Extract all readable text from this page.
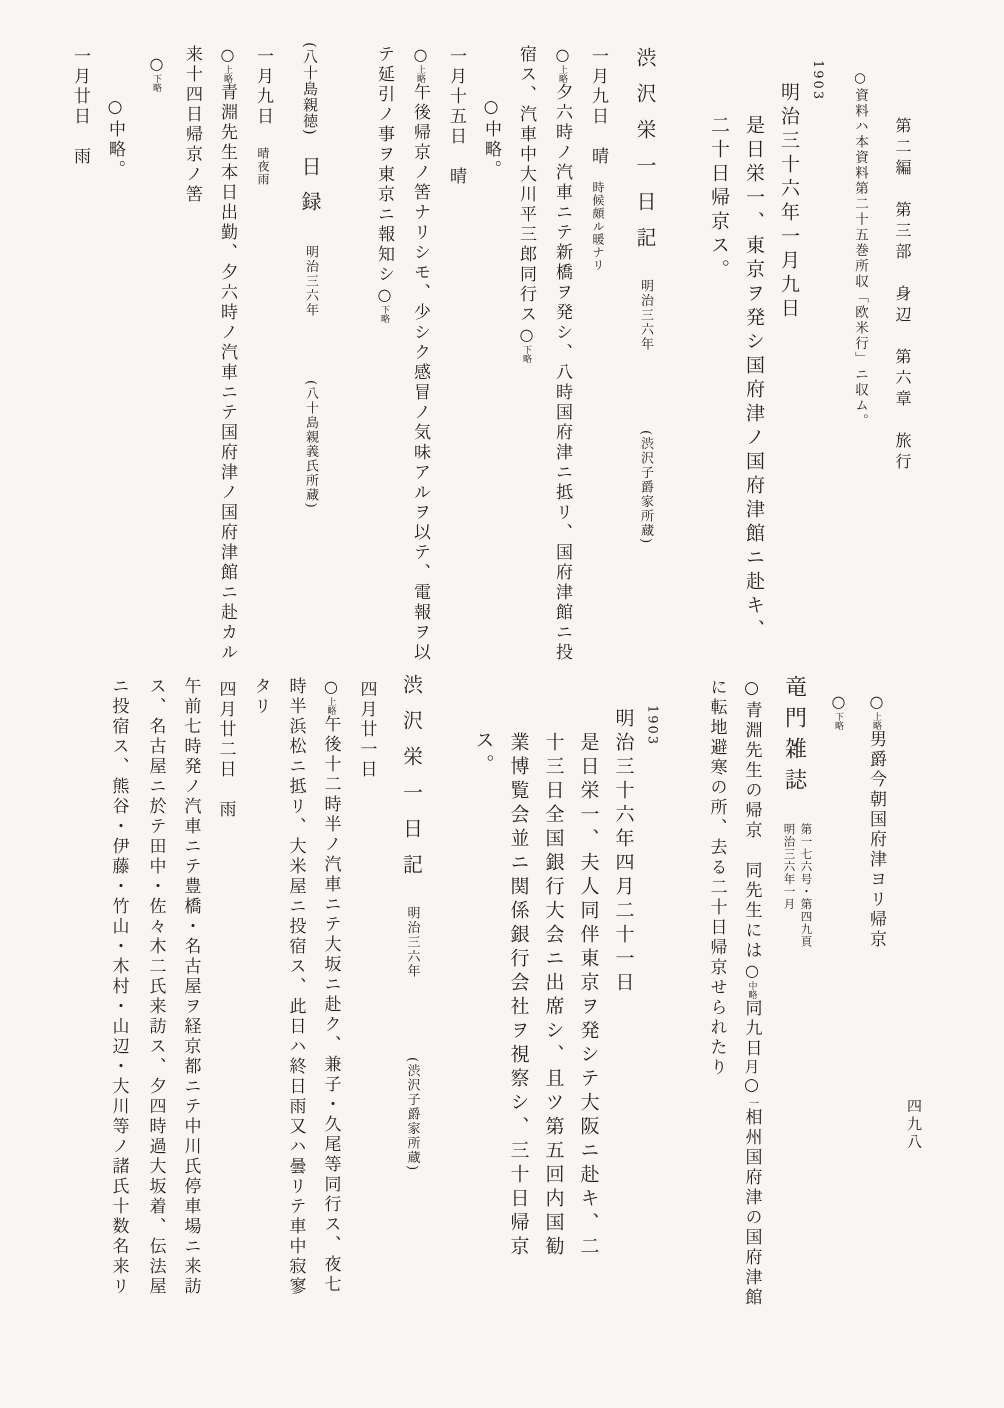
第二編　第三部　身辺　第六章　旅行
○資料ハ本資料第二十五巻所収「欧米行」ニ収ム。
1903
明治三十六年一月九日
是日栄一、東京ヲ発シ国府津ノ国府津館ニ赴キ、
二十日帰京ス。
渋沢栄一日記 明治三六年 (渋沢子爵家所蔵)
一月九日　晴 時候頗ル暖ナリ
○上略夕六時ノ汽車ニテ新橋ヲ発シ、八時国府津ニ抵リ、国府津館ニ投
宿ス、汽車中大川平三郎同行ス○下略
○中略。
一月十五日　晴
○上略午後帰京ノ筈ナリシモ、少シク感冒ノ気味アルヲ以テ、電報ヲ以
テ延引ノ事ヲ東京ニ報知シ○下略
(八十島親徳) 日録 明治三六年 (八十島親義氏所蔵)
一月九日　晴夜雨
○上略青淵先生本日出勤、夕六時ノ汽車ニテ国府津ノ国府津館ニ赴カル
来十四日帰京ノ筈
○下略
○中略。
一月廿日　雨
○上略男爵今朝国府津ヨリ帰京
○下略
竜門雑誌
第一七六号・第四九頁
明治三六年一月
○青淵先生の帰京　同先生には○中略同九日月○一相州国府津の国府津館
に転地避寒の所、去る二十日帰京せられたり
1903
明治三十六年四月二十一日
是日栄一、夫人同伴東京ヲ発シテ大阪ニ赴キ、二
十三日全国銀行大会ニ出席シ、且ツ第五回内国勧
業博覧会並ニ関係銀行会社ヲ視察シ、三十日帰京
ス。
渋沢栄一日記 明治三六年 (渋沢子爵家所蔵)
四月廿一日
○上略午後十二時半ノ汽車ニテ大坂ニ赴ク、兼子・久尾等同行ス、夜七
時半浜松ニ抵リ、大米屋ニ投宿ス、此日ハ終日雨又ハ曇リテ車中寂寥
タリ
四月廿二日　雨
午前七時発ノ汽車ニテ豊橋・名古屋ヲ経京都ニテ中川氏停車場ニ来訪
ス、名古屋ニ於テ田中・佐々木二氏来訪ス、夕四時過大坂着、伝法屋
ニ投宿ス、熊谷・伊藤・竹山・木村・山辺・大川等ノ諸氏十数名来リ	四九八
